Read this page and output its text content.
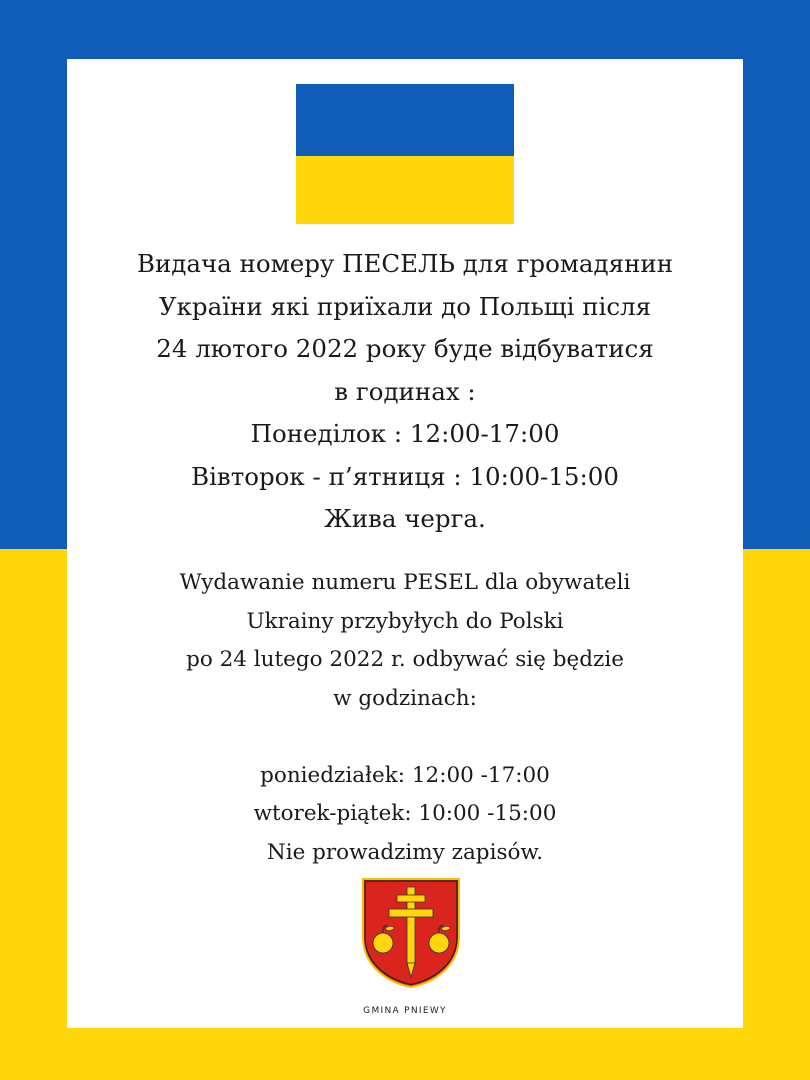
Видача номеру ПЕСЕЛЬ для громадянин
України які приїхали до Польщі після
24 лютого 2022 року буде відбуватися
в годинах :
Понеділок : 12:00-17:00
Вівторок - п’ятниця : 10:00-15:00
Жива черга.
Wydawanie numeru PESEL dla obywateli
Ukrainy przybyłych do Polski
po 24 lutego 2022 r. odbywać się będzie
w godzinach:
poniedziałek: 12:00 -17:00
wtorek-piątek: 10:00 -15:00
Nie prowadzimy zapisów.
GMINA PNIEWY
